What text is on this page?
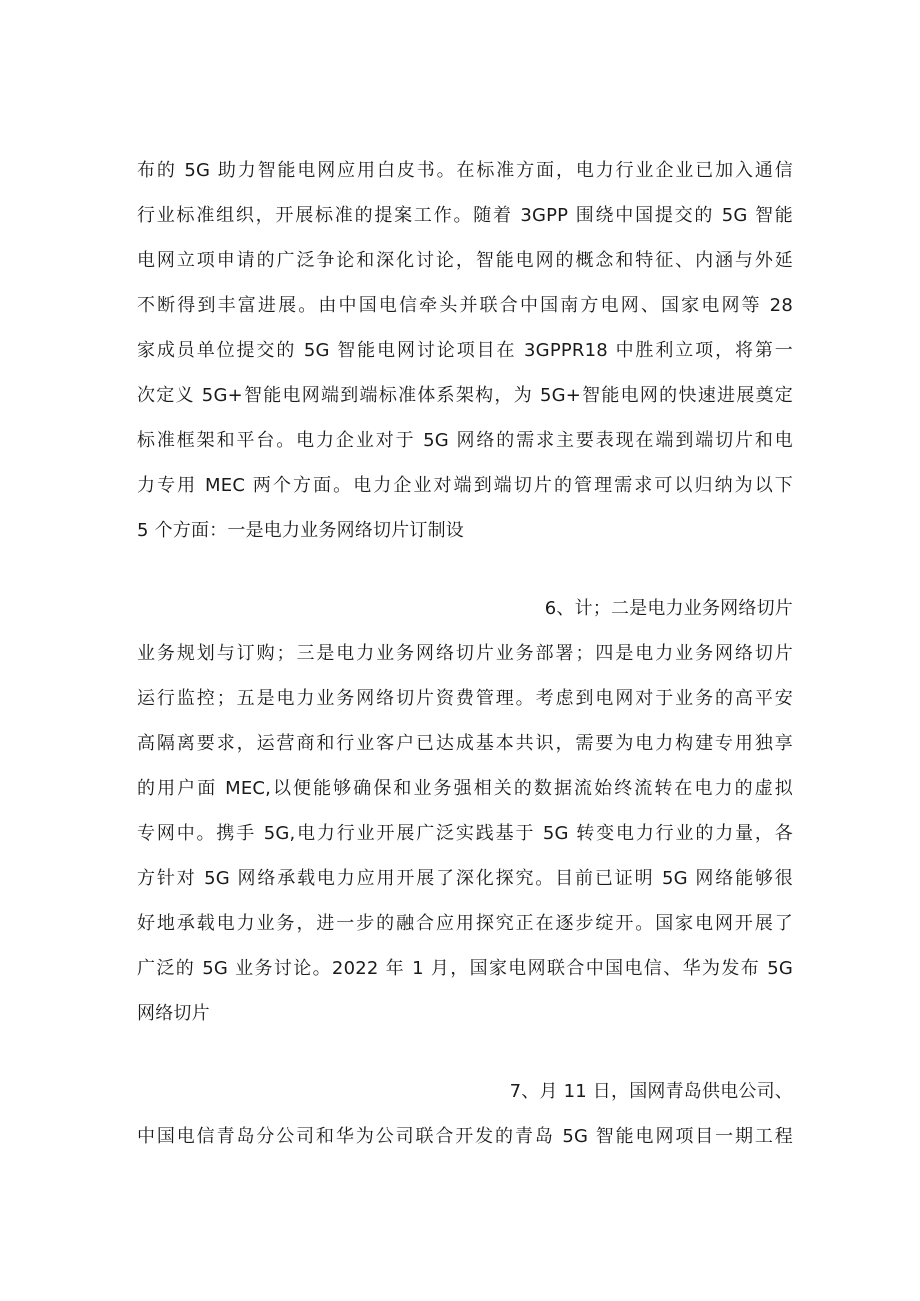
布的 5G 助力智能电网应用白皮书。在标准方面，电力行业企业已加入通信
行业标准组织，开展标准的提案工作。随着 3GPP 围绕中国提交的 5G 智能
电网立项申请的广泛争论和深化讨论，智能电网的概念和特征、内涵与外延
不断得到丰富进展。由中国电信牵头并联合中国南方电网、国家电网等 28
家成员单位提交的 5G 智能电网讨论项目在 3GPPR18 中胜利立项，将第一
次定义 5G+智能电网端到端标准体系架构，为 5G+智能电网的快速进展奠定
标准框架和平台。电力企业对于 5G 网络的需求主要表现在端到端切片和电
力专用 MEC 两个方面。电力企业对端到端切片的管理需求可以归纳为以下
5 个方面：一是电力业务网络切片订制设
6、计；二是电力业务网络切片
业务规划与订购；三是电力业务网络切片业务部署；四是电力业务网络切片
运行监控；五是电力业务网络切片资费管理。考虑到电网对于业务的高平安
高隔离要求，运营商和行业客户已达成基本共识，需要为电力构建专用独享
的用户面 MEC,以便能够确保和业务强相关的数据流始终流转在电力的虚拟
专网中。携手 5G,电力行业开展广泛实践基于 5G 转变电力行业的力量，各
方针对 5G 网络承载电力应用开展了深化探究。目前已证明 5G 网络能够很
好地承载电力业务，进一步的融合应用探究正在逐步绽开。国家电网开展了
广泛的 5G 业务讨论。2022 年 1 月，国家电网联合中国电信、华为发布 5G
网络切片
7、月 11 日，国网青岛供电公司、
中国电信青岛分公司和华为公司联合开发的青岛 5G 智能电网项目一期工程
